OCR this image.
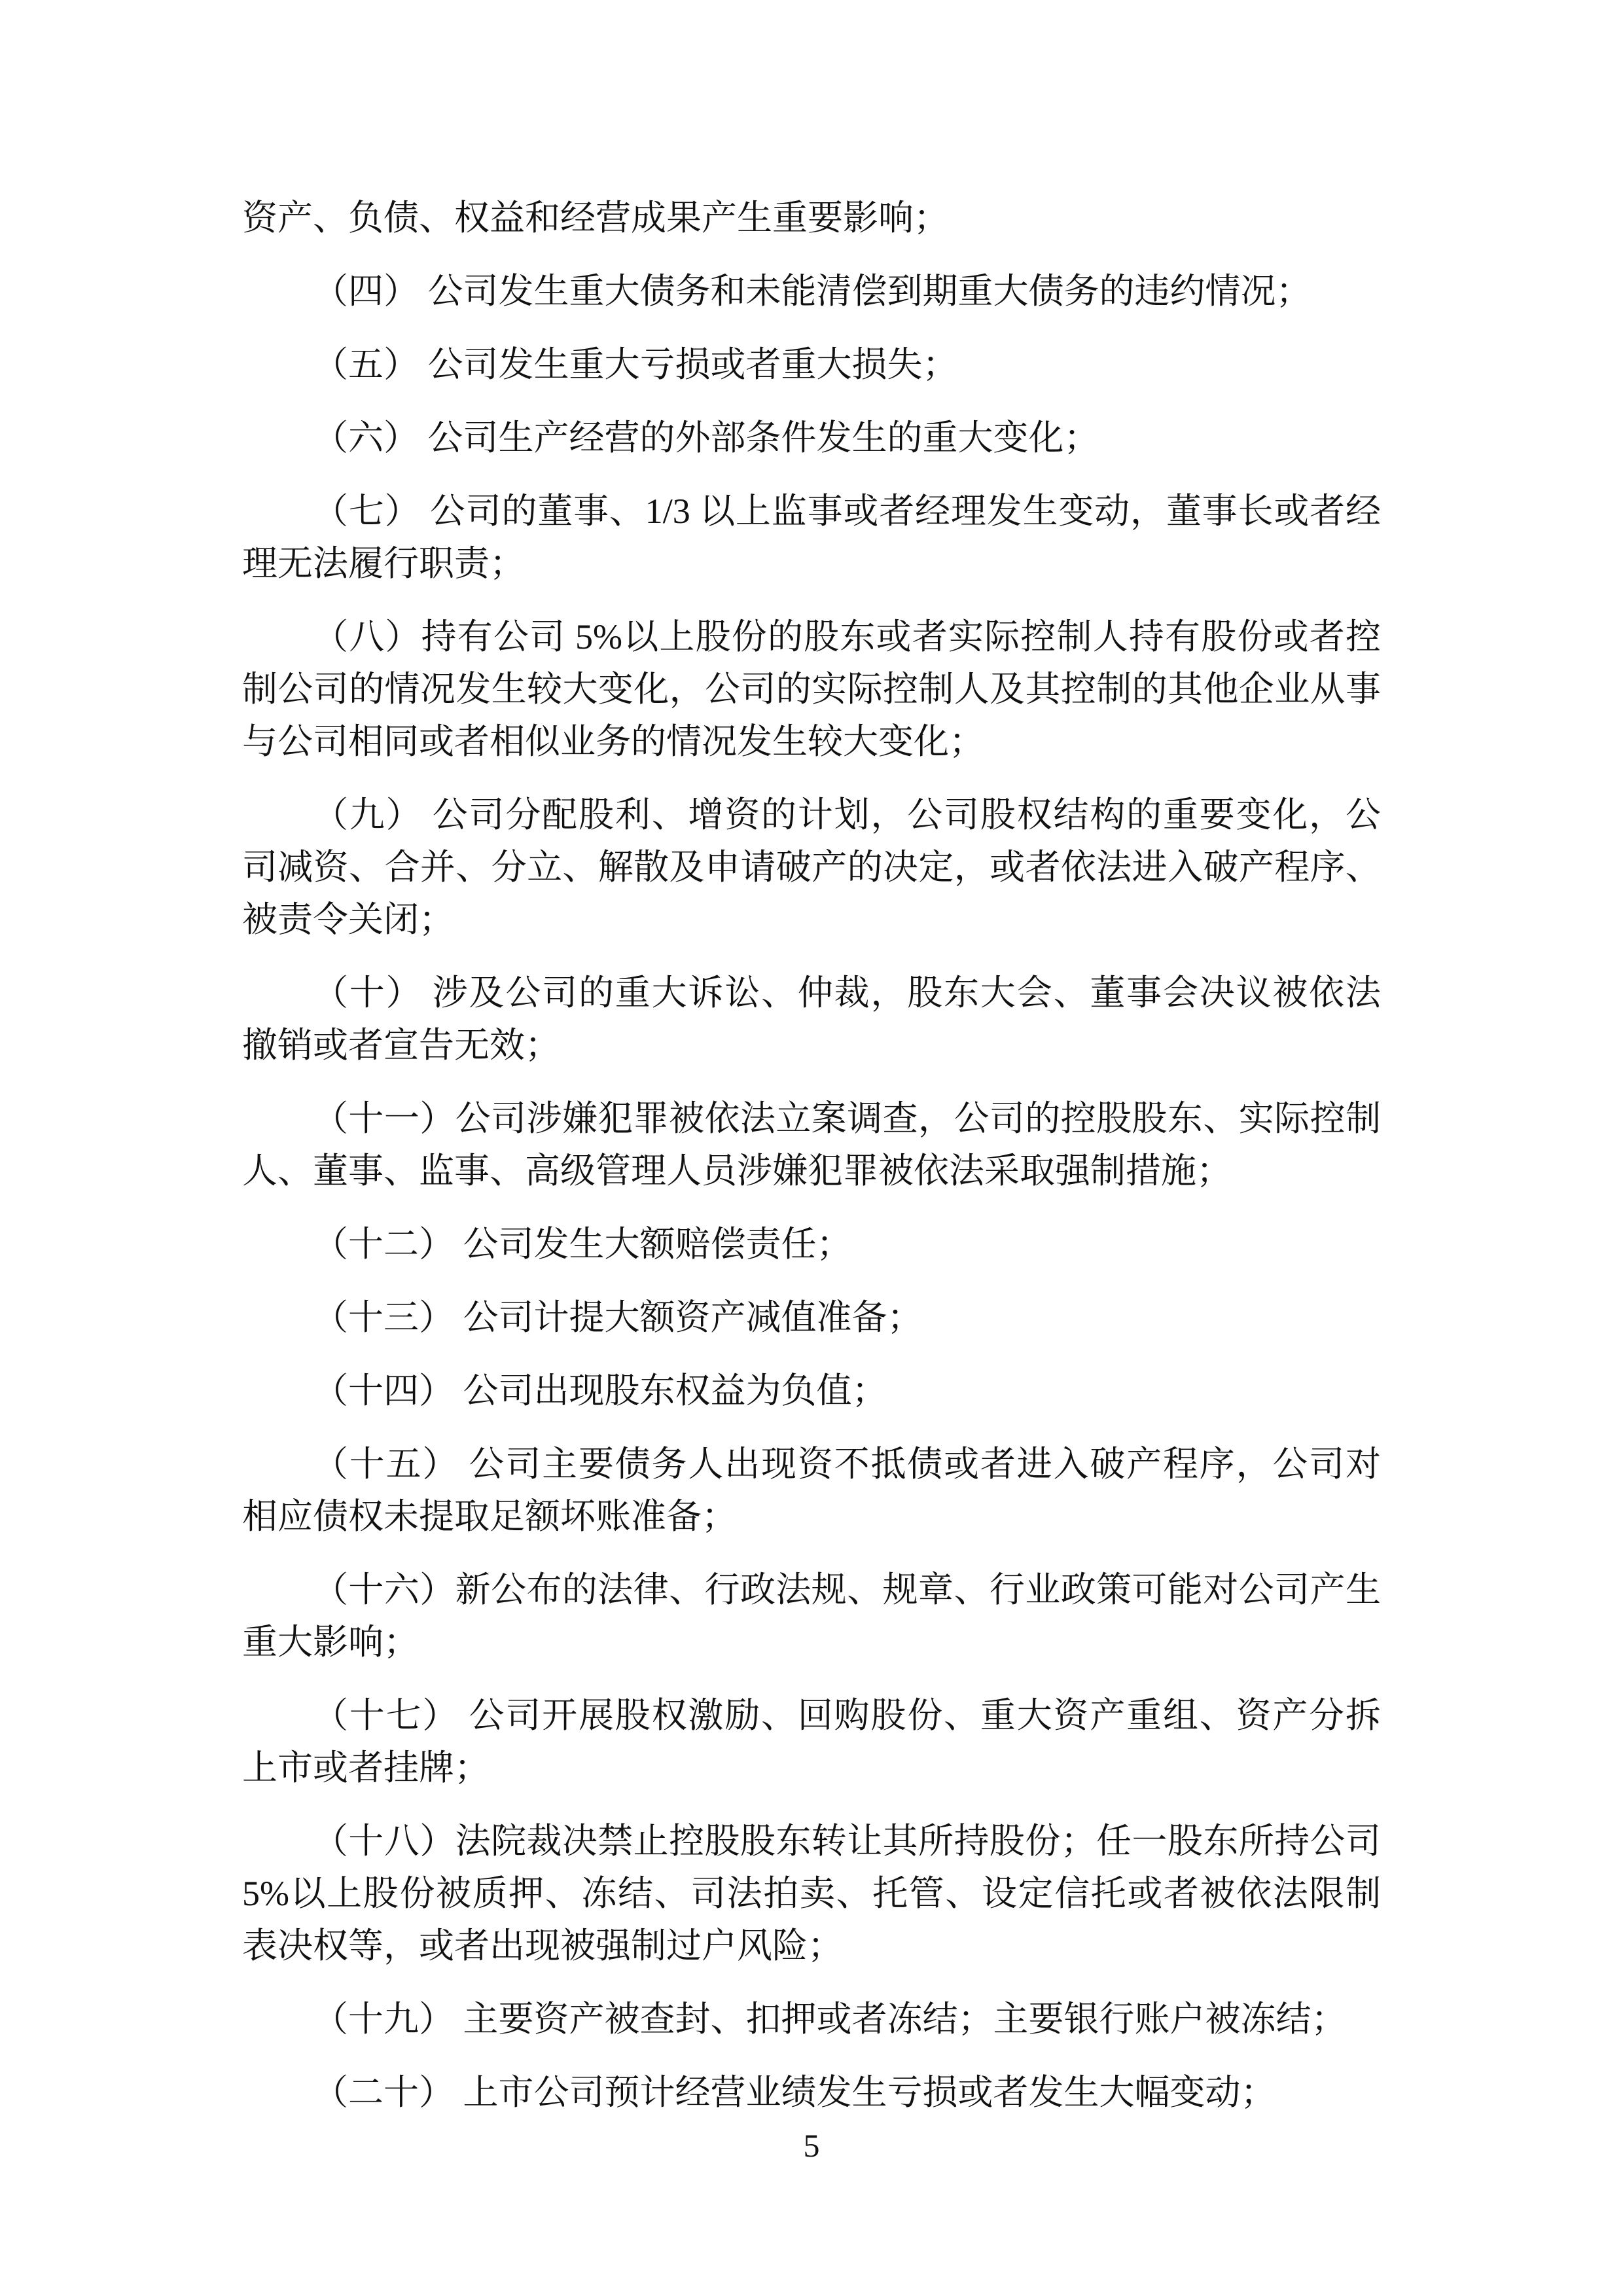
资产、负债、权益和经营成果产生重要影响；

（四） 公司发生重大债务和未能清偿到期重大债务的违约情况；

（五） 公司发生重大亏损或者重大损失；

（六） 公司生产经营的外部条件发生的重大变化；

（七） 公司的董事、1/3 以上监事或者经理发生变动，董事长或者经理无法履行职责；

（八）持有公司 5%以上股份的股东或者实际控制人持有股份或者控制公司的情况发生较大变化，公司的实际控制人及其控制的其他企业从事与公司相同或者相似业务的情况发生较大变化；

（九） 公司分配股利、增资的计划，公司股权结构的重要变化，公司减资、合并、分立、解散及申请破产的决定，或者依法进入破产程序、被责令关闭；

（十） 涉及公司的重大诉讼、仲裁，股东大会、董事会决议被依法撤销或者宣告无效；

（十一）公司涉嫌犯罪被依法立案调查，公司的控股股东、实际控制人、董事、监事、高级管理人员涉嫌犯罪被依法采取强制措施；

（十二） 公司发生大额赔偿责任；

（十三） 公司计提大额资产减值准备；

（十四） 公司出现股东权益为负值；

（十五） 公司主要债务人出现资不抵债或者进入破产程序，公司对相应债权未提取足额坏账准备；

（十六）新公布的法律、行政法规、规章、行业政策可能对公司产生重大影响；

（十七） 公司开展股权激励、回购股份、重大资产重组、资产分拆上市或者挂牌；

（十八）法院裁决禁止控股股东转让其所持股份；任一股东所持公司 5%以上股份被质押、冻结、司法拍卖、托管、设定信托或者被依法限制表决权等，或者出现被强制过户风险；

（十九） 主要资产被查封、扣押或者冻结；主要银行账户被冻结；

（二十） 上市公司预计经营业绩发生亏损或者发生大幅变动；

5
